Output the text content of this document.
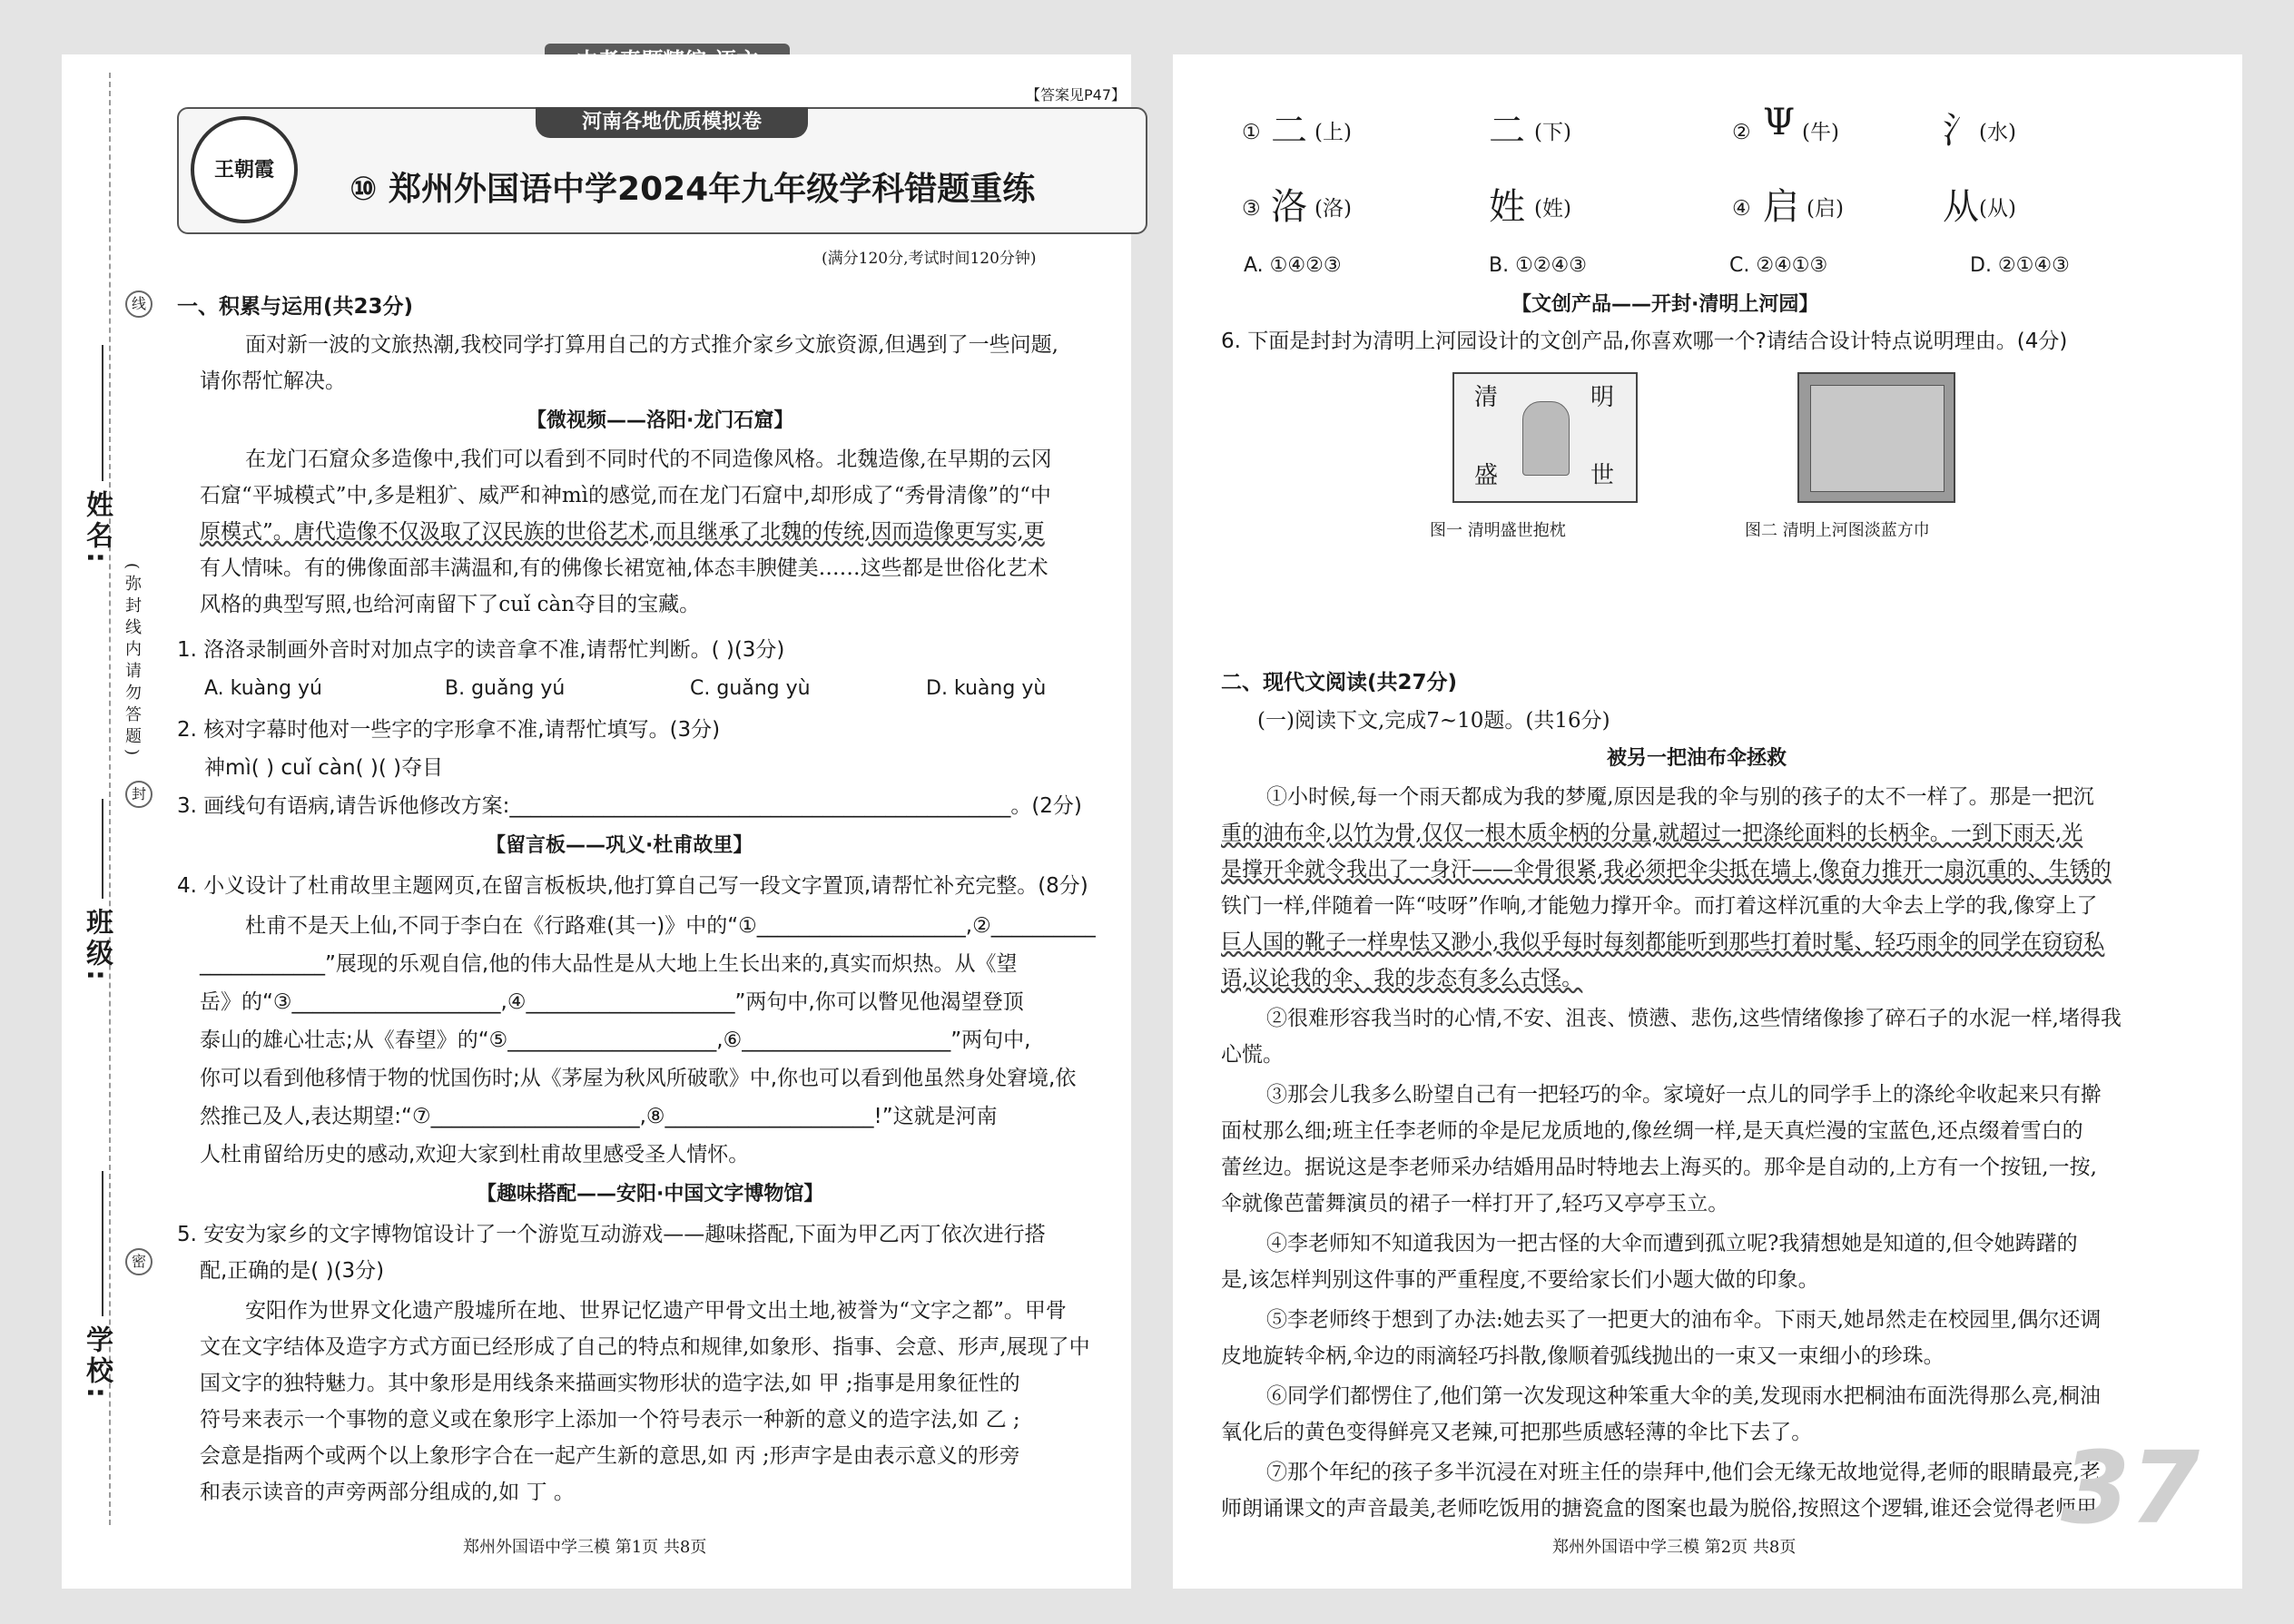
线
封
密
(弥封线内请勿答题)
姓名:
班级:
学校:
【答案见P47】
王朝霞
河南各地优质模拟卷
⑩ 郑州外国语中学2024年九年级学科错题重练
(满分120分,考试时间120分钟)
一、积累与运用(共23分)
面对新一波的文旅热潮,我校同学打算用自己的方式推介家乡文旅资源,但遇到了一些问题,
请你帮忙解决。
【微视频——洛阳·龙门石窟】
在龙门石窟众多造像中,我们可以看到不同时代的不同造像风格。北魏造像,在早期的云冈
石窟“平城模式”中,多是粗犷、威严和神mì的感觉,而在龙门石窟中,却形成了“秀骨清像”的“中
原模式”。唐代造像不仅汲取了汉民族的世俗艺术,而且继承了北魏的传统,因而造像更写实,更
有人情味。有的佛像面部丰满温和,有的佛像长裙宽袖,体态丰腴健美……这些都是世俗化艺术
风格的典型写照,也给河南留下了cuǐ càn夺目的宝藏。
1. 洛洛录制画外音时对加点字的读音拿不准,请帮忙判断。( )(3分)
A. kuàng yú	B. guǎng yú	C. guǎng yù	D. kuàng yù
2. 核对字幕时他对一些字的字形拿不准,请帮忙填写。(3分)
神mì( ) cuǐ càn( )( )夺目
3. 画线句有语病,请告诉他修改方案:________________________________________________。(2分)
【留言板——巩义·杜甫故里】
4. 小义设计了杜甫故里主题网页,在留言板板块,他打算自己写一段文字置顶,请帮忙补充完整。(8分)
杜甫不是天上仙,不同于李白在《行路难(其一)》中的“①____________________,②__________
____________”展现的乐观自信,他的伟大品性是从大地上生长出来的,真实而炽热。从《望
岳》的“③____________________,④____________________”两句中,你可以瞥见他渴望登顶
泰山的雄心壮志;从《春望》的“⑤____________________,⑥____________________”两句中,
你可以看到他移情于物的忧国伤时;从《茅屋为秋风所破歌》中,你也可以看到他虽然身处窘境,依
然推己及人,表达期望:“⑦____________________,⑧____________________!”这就是河南
人杜甫留给历史的感动,欢迎大家到杜甫故里感受圣人情怀。
【趣味搭配——安阳·中国文字博物馆】
5. 安安为家乡的文字博物馆设计了一个游览互动游戏——趣味搭配,下面为甲乙丙丁依次进行搭
配,正确的是( )(3分)
安阳作为世界文化遗产殷墟所在地、世界记忆遗产甲骨文出土地,被誉为“文字之都”。甲骨
文在文字结体及造字方式方面已经形成了自己的特点和规律,如象形、指事、会意、形声,展现了中
国文字的独特魅力。其中象形是用线条来描画实物形状的造字法,如 甲 ;指事是用象征性的
符号来表示一个事物的意义或在象形字上添加一个符号表示一种新的意义的造字法,如 乙 ;
会意是指两个或两个以上象形字合在一起产生新的意思,如 丙 ;形声字是由表示意义的形旁
和表示读音的声旁两部分组成的,如 丁 。
郑州外国语中学三模 第1页 共8页
① 二 (上)	二 (下)	② Ψ (牛)	氵 (水)
③ 洛 (洛)	姓 (姓)	④ 启 (启)	从 (从)
A. ①④②③	B. ①②④③	C. ②④①③	D. ②①④③
【文创产品——开封·清明上河园】
6. 下面是封封为清明上河园设计的文创产品,你喜欢哪一个?请结合设计特点说明理由。(4分)
清	明
盛	世
图一 清明盛世抱枕	图二 清明上河图淡蓝方巾
二、现代文阅读(共27分)
(一)阅读下文,完成7~10题。(共16分)
被另一把油布伞拯救
①小时候,每一个雨天都成为我的梦魇,原因是我的伞与别的孩子的太不一样了。那是一把沉
重的油布伞,以竹为骨,仅仅一根木质伞柄的分量,就超过一把涤纶面料的长柄伞。一到下雨天,光
是撑开伞就令我出了一身汗——伞骨很紧,我必须把伞尖抵在墙上,像奋力推开一扇沉重的、生锈的
铁门一样,伴随着一阵“吱呀”作响,才能勉力撑开伞。而打着这样沉重的大伞去上学的我,像穿上了
巨人国的靴子一样卑怯又渺小,我似乎每时每刻都能听到那些打着时髦、轻巧雨伞的同学在窃窃私
语,议论我的伞、我的步态有多么古怪。
②很难形容我当时的心情,不安、沮丧、愤懑、悲伤,这些情绪像掺了碎石子的水泥一样,堵得我
心慌。
③那会儿我多么盼望自己有一把轻巧的伞。家境好一点儿的同学手上的涤纶伞收起来只有擀
面杖那么细;班主任李老师的伞是尼龙质地的,像丝绸一样,是天真烂漫的宝蓝色,还点缀着雪白的
蕾丝边。据说这是李老师采办结婚用品时特地去上海买的。那伞是自动的,上方有一个按钮,一按,
伞就像芭蕾舞演员的裙子一样打开了,轻巧又亭亭玉立。
④李老师知不知道我因为一把古怪的大伞而遭到孤立呢?我猜想她是知道的,但令她踌躇的
是,该怎样判别这件事的严重程度,不要给家长们小题大做的印象。
⑤李老师终于想到了办法:她去买了一把更大的油布伞。下雨天,她昂然走在校园里,偶尔还调
皮地旋转伞柄,伞边的雨滴轻巧抖散,像顺着弧线抛出的一束又一束细小的珍珠。
⑥同学们都愣住了,他们第一次发现这种笨重大伞的美,发现雨水把桐油布面洗得那么亮,桐油
氧化后的黄色变得鲜亮又老辣,可把那些质感轻薄的伞比下去了。
⑦那个年纪的孩子多半沉浸在对班主任的崇拜中,他们会无缘无故地觉得,老师的眼睛最亮,老
师朗诵课文的声音最美,老师吃饭用的搪瓷盒的图案也最为脱俗,按照这个逻辑,谁还会觉得老师用
37
郑州外国语中学三模 第2页 共8页
